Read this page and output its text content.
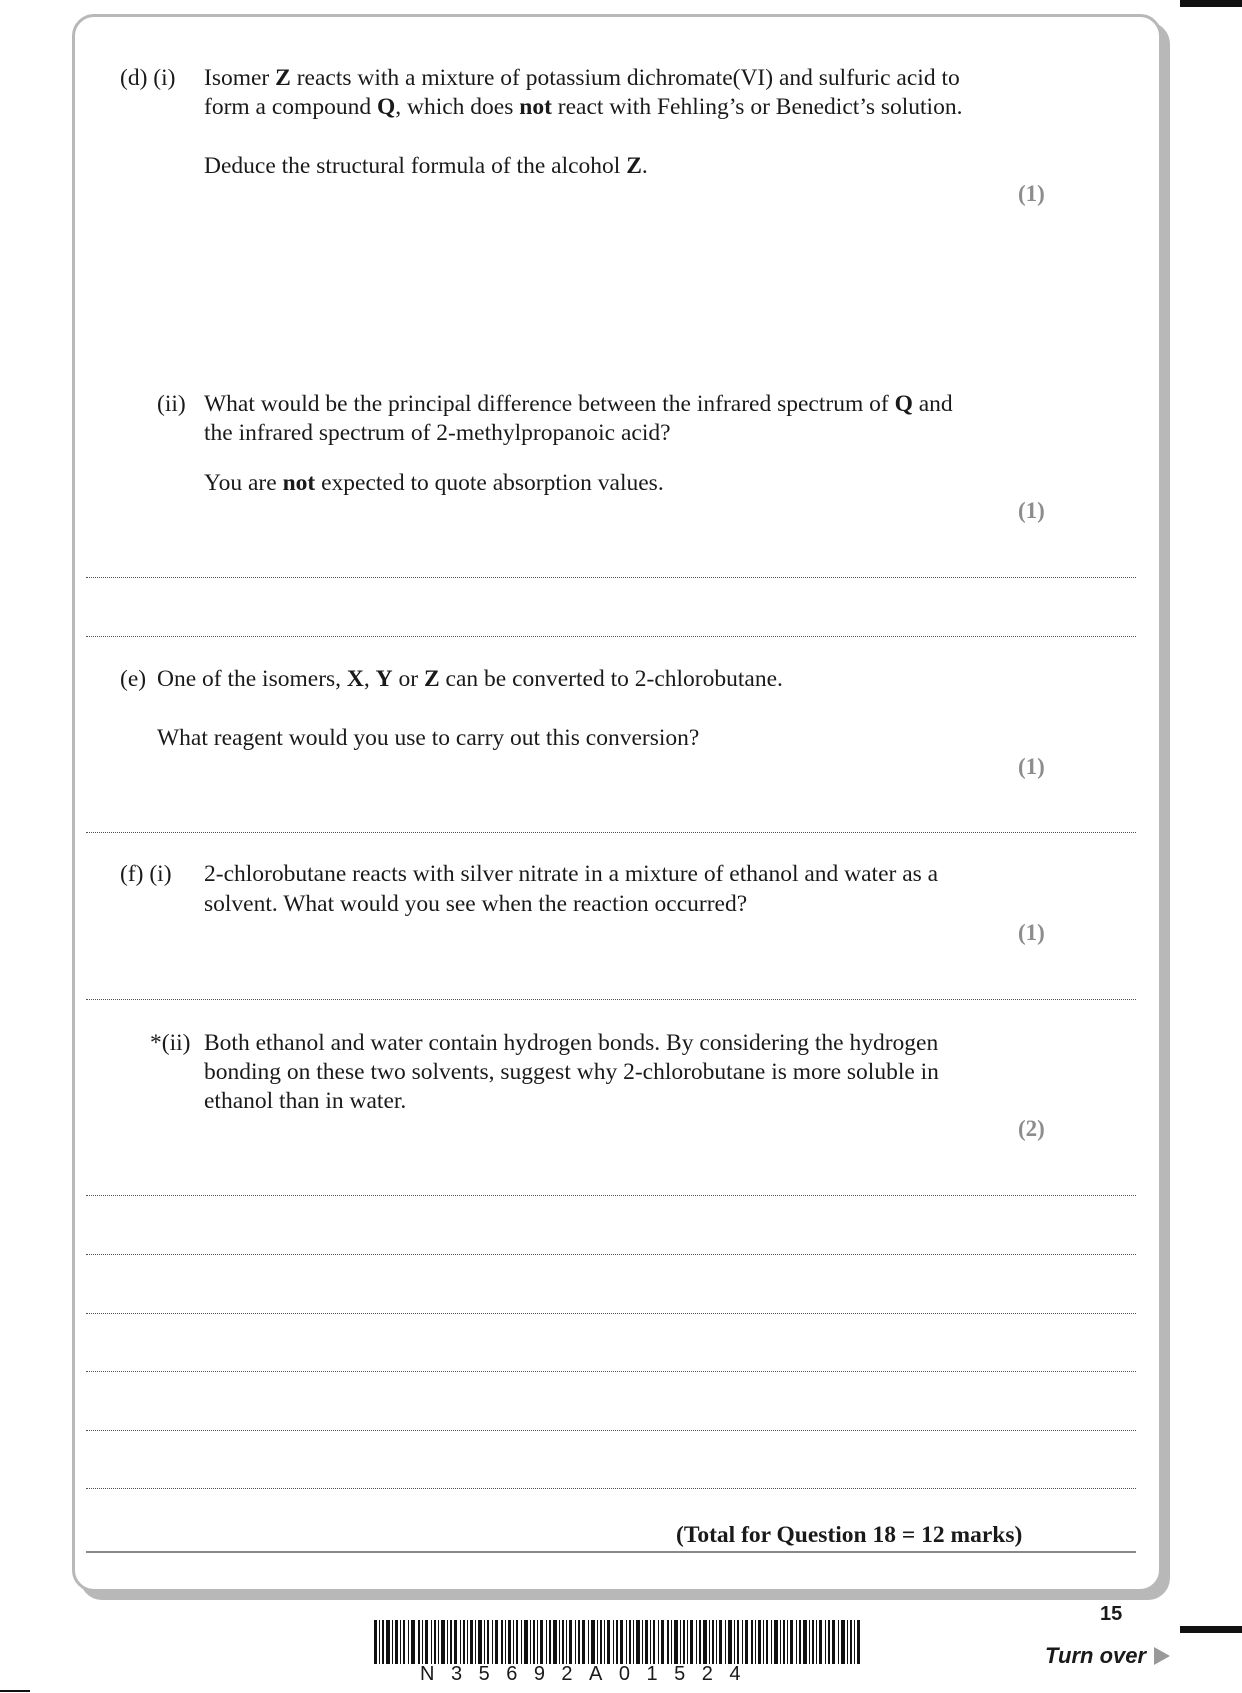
(d) (i) Isomer Z reacts with a mixture of potassium dichromate(VI) and sulfuric acid to
form a compound Q, which does not react with Fehling’s or Benedict’s solution.
Deduce the structural formula of the alcohol Z.
(1)
(ii) What would be the principal difference between the infrared spectrum of Q and
the infrared spectrum of 2-methylpropanoic acid?
You are not expected to quote absorption values.
(1)
(e) One of the isomers, X, Y or Z can be converted to 2-chlorobutane.
What reagent would you use to carry out this conversion?
(1)
(f) (i) 2-chlorobutane reacts with silver nitrate in a mixture of ethanol and water as a
solvent. What would you see when the reaction occurred?
(1)
*(ii) Both ethanol and water contain hydrogen bonds. By considering the hydrogen
bonding on these two solvents, suggest why 2-chlorobutane is more soluble in
ethanol than in water.
(2)
(Total for Question 18 = 12 marks)
15
Turn over
N35692A01524
